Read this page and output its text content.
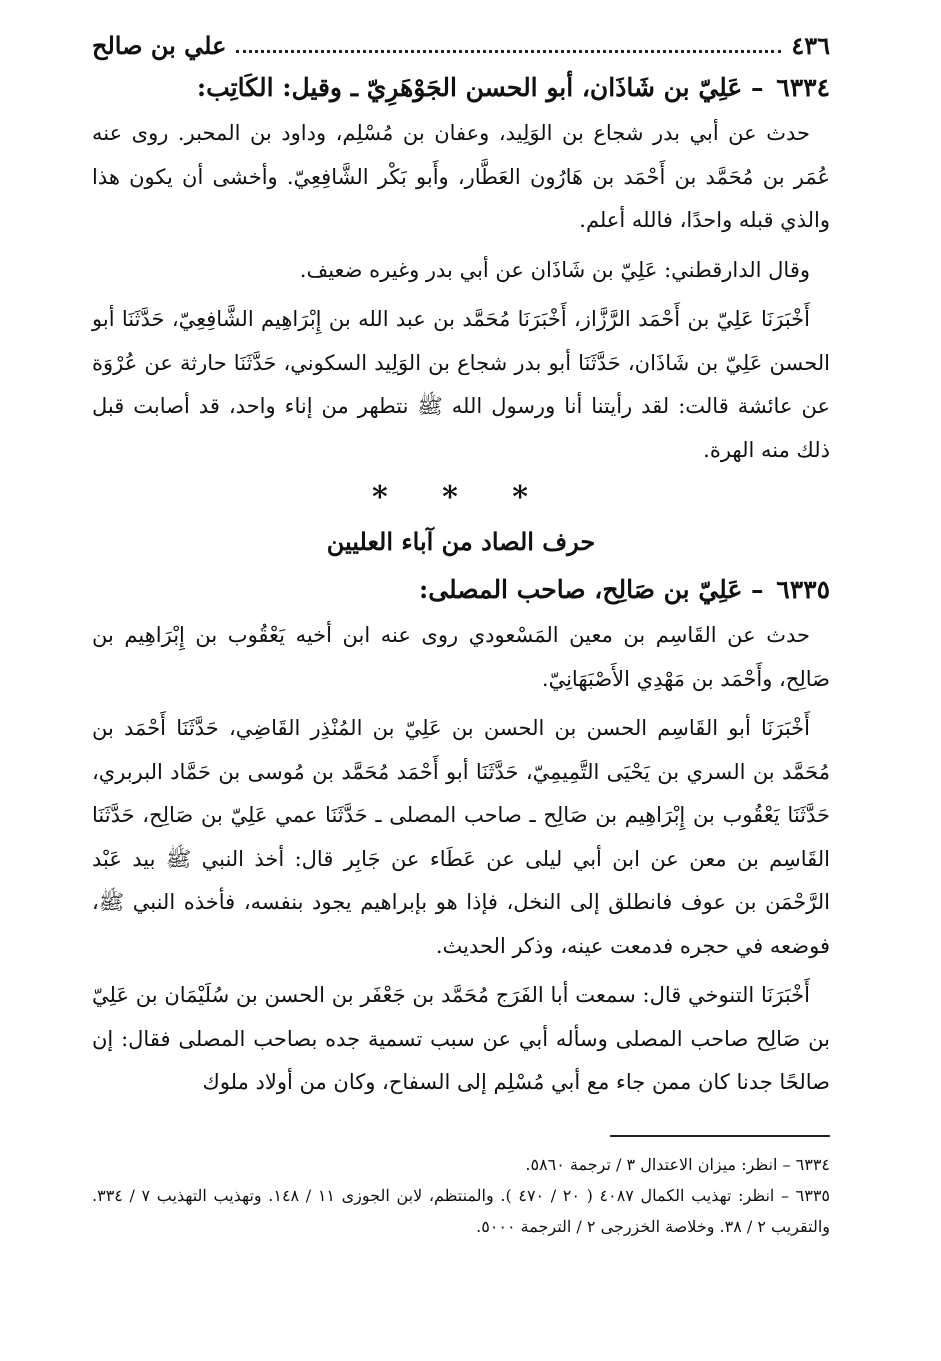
٤٣٦
علي بن صالح
٦٣٣٤ – عَلِيّ بن شَاذَان، أبو الحسن الجَوْهَرِيّ ـ وقيل: الكَاتِب:

حدث عن أبي بدر شجاع بن الوَلِيد، وعفان بن مُسْلِم، وداود بن المحبر. روى عنه عُمَر بن مُحَمَّد بن أَحْمَد بن هَارُون العَطَّار، وأَبو بَكْر الشَّافِعِيّ. وأخشى أن يكون هذا والذي قبله واحدًا، فالله أعلم.

وقال الدارقطني: عَلِيّ بن شَاذَان عن أبي بدر وغيره ضعيف.

أَخْبَرَنَا عَلِيّ بن أَحْمَد الرَّزَّاز، أَخْبَرَنَا مُحَمَّد بن عبد الله بن إِبْرَاهِيم الشَّافِعِيّ، حَدَّثَنَا أبو الحسن عَلِيّ بن شَاذَان، حَدَّثَنَا أبو بدر شجاع بن الوَلِيد السكوني، حَدَّثَنَا حارثة عن عُرْوَة عن عائشة قالت: لقد رأيتنا أنا ورسول الله ﷺ نتطهر من إناء واحد، قد أصابت قبل ذلك منه الهرة.

* * *
حرف الصاد من آباء العليين
٦٣٣٥ – عَلِيّ بن صَالِح، صاحب المصلى:

حدث عن القَاسِم بن معين المَسْعودي روى عنه ابن أخيه يَعْقُوب بن إِبْرَاهِيم بن صَالِح، وأَحْمَد بن مَهْدِي الأَصْبَهَانِيّ.

أَخْبَرَنَا أبو القَاسِم الحسن بن الحسن بن عَلِيّ بن المُنْذِر القَاضِي، حَدَّثَنَا أَحْمَد بن مُحَمَّد بن السري بن يَحْيَى التَّمِيمِيّ، حَدَّثَنَا أبو أَحْمَد مُحَمَّد بن مُوسى بن حَمَّاد البربري، حَدَّثَنَا يَعْقُوب بن إِبْرَاهِيم بن صَالِح ـ صاحب المصلى ـ حَدَّثَنَا عمي عَلِيّ بن صَالِح، حَدَّثَنَا القَاسِم بن معن عن ابن أبي ليلى عن عَطَاء عن جَابِر قال: أخذ النبي ﷺ بيد عَبْد الرَّحْمَن بن عوف فانطلق إلى النخل، فإذا هو بإبراهيم يجود بنفسه، فأخذه النبي ﷺ، فوضعه في حجره فدمعت عينه، وذكر الحديث.

أَخْبَرَنَا التنوخي قال: سمعت أبا الفَرَج مُحَمَّد بن جَعْفَر بن الحسن بن سُلَيْمَان بن عَلِيّ بن صَالِح صاحب المصلى وسأله أبي عن سبب تسمية جده بصاحب المصلى فقال: إن صالحًا جدنا كان ممن جاء مع أبي مُسْلِم إلى السفاح، وكان من أولاد ملوك

٦٣٣٤ – انظر: ميزان الاعتدال ٣ / ترجمة ٥٨٦٠.

٦٣٣٥ – انظر: تهذيب الكمال ٤٠٨٧ ( ٢٠ / ٤٧٠ ). والمنتظم، لابن الجوزى ١١ / ١٤٨. وتهذيب التهذيب ٧ / ٣٣٤. والتقريب ٢ / ٣٨. وخلاصة الخزرجى ٢ / الترجمة ٥٠٠٠.
